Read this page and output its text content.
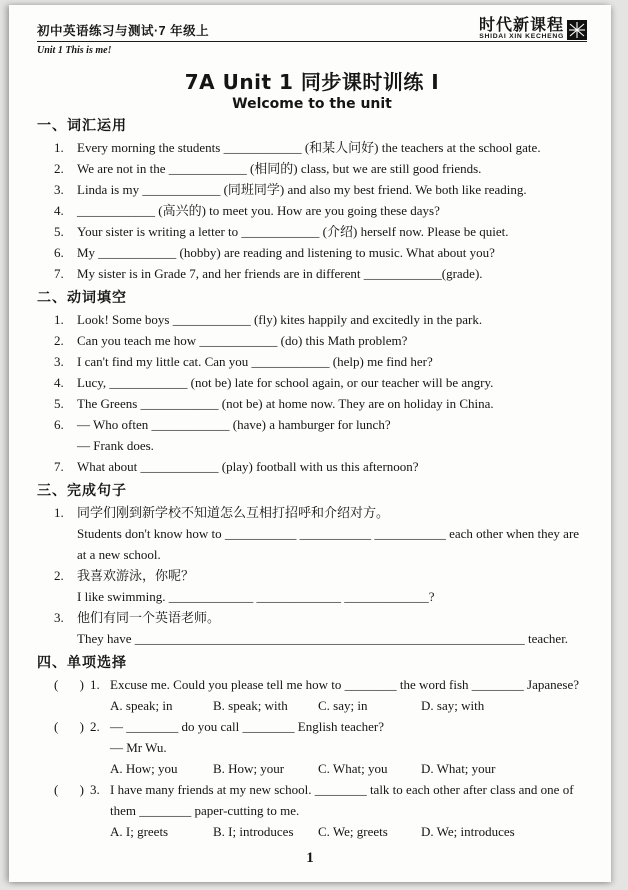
初中英语练习与测试·7 年级上
Unit 1 This is me!
时代新课程
SHIDAI XIN KECHENG
7A Unit 1 同步课时训练 I
Welcome to the unit
一、词汇运用
1.	Every morning the students ____________ (和某人问好) the teachers at the school gate.
2.	We are not in the ____________ (相同的) class, but we are still good friends.
3.	Linda is my ____________ (同班同学) and also my best friend. We both like reading.
4.	____________ (高兴的) to meet you. How are you going these days?
5.	Your sister is writing a letter to ____________ (介绍) herself now. Please be quiet.
6.	My ____________ (hobby) are reading and listening to music. What about you?
7.	My sister is in Grade 7, and her friends are in different ____________(grade).
二、动词填空
1.	Look! Some boys ____________ (fly) kites happily and excitedly in the park.
2.	Can you teach me how ____________ (do) this Math problem?
3.	I can't find my little cat. Can you ____________ (help) me find her?
4.	Lucy, ____________ (not be) late for school again, or our teacher will be angry.
5.	The Greens ____________ (not be) at home now. They are on holiday in China.
6.	— Who often ____________ (have) a hamburger for lunch?
— Frank does.
7.	What about ____________ (play) football with us this afternoon?
三、完成句子
1.	同学们刚到新学校不知道怎么互相打招呼和介绍对方。
Students don't know how to ___________ ___________ ___________ each other when they are
at a new school.
2.	我喜欢游泳，你呢？
I like swimming. _____________ _____________ _____________?
3.	他们有同一个英语老师。
They have ____________________________________________________________ teacher.
四、单项选择
( ) 1. Excuse me. Could you please tell me how to ________ the word fish ________ Japanese?
A. speak; in	B. speak; with	C. say; in	D. say; with
( ) 2. — ________ do you call ________ English teacher?
— Mr Wu.
A. How; you	B. How; your	C. What; you	D. What; your
( ) 3. I have many friends at my new school. ________ talk to each other after class and one of
them ________ paper-cutting to me.
A. I; greets	B. I; introduces	C. We; greets	D. We; introduces
1
